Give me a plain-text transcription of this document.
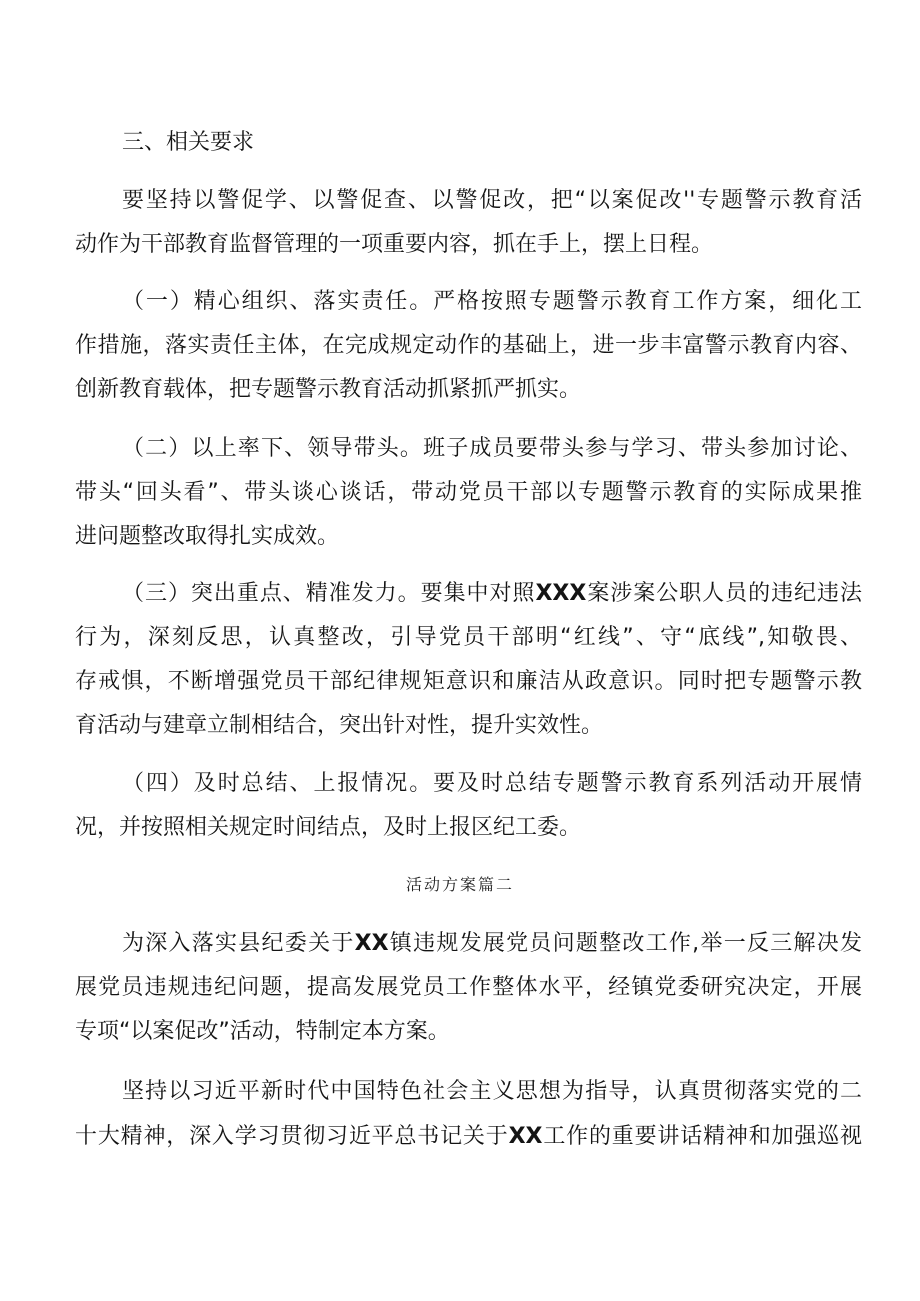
三、相关要求
要坚持以警促学、以警促查、以警促改，把“以案促改''专题警示教育活
动作为干部教育监督管理的一项重要内容，抓在手上，摆上日程。
（一）精心组织、落实责任。严格按照专题警示教育工作方案，细化工
作措施，落实责任主体，在完成规定动作的基础上，进一步丰富警示教育内容、
创新教育载体，把专题警示教育活动抓紧抓严抓实。
（二）以上率下、领导带头。班子成员要带头参与学习、带头参加讨论、
带头“回头看”、带头谈心谈话，带动党员干部以专题警示教育的实际成果推
进问题整改取得扎实成效。
（三）突出重点、精准发力。要集中对照XXX案涉案公职人员的违纪违法
行为，深刻反思，认真整改，引导党员干部明“红线”、守“底线”,知敬畏、
存戒惧，不断增强党员干部纪律规矩意识和廉洁从政意识。同时把专题警示教
育活动与建章立制相结合，突出针对性，提升实效性。
（四）及时总结、上报情况。要及时总结专题警示教育系列活动开展情
况，并按照相关规定时间结点，及时上报区纪工委。
活动方案篇二
为深入落实县纪委关于XX镇违规发展党员问题整改工作,举一反三解决发
展党员违规违纪问题，提高发展党员工作整体水平，经镇党委研究决定，开展
专项“以案促改”活动，特制定本方案。
坚持以习近平新时代中国特色社会主义思想为指导，认真贯彻落实党的二
十大精神，深入学习贯彻习近平总书记关于XX工作的重要讲话精神和加强巡视
